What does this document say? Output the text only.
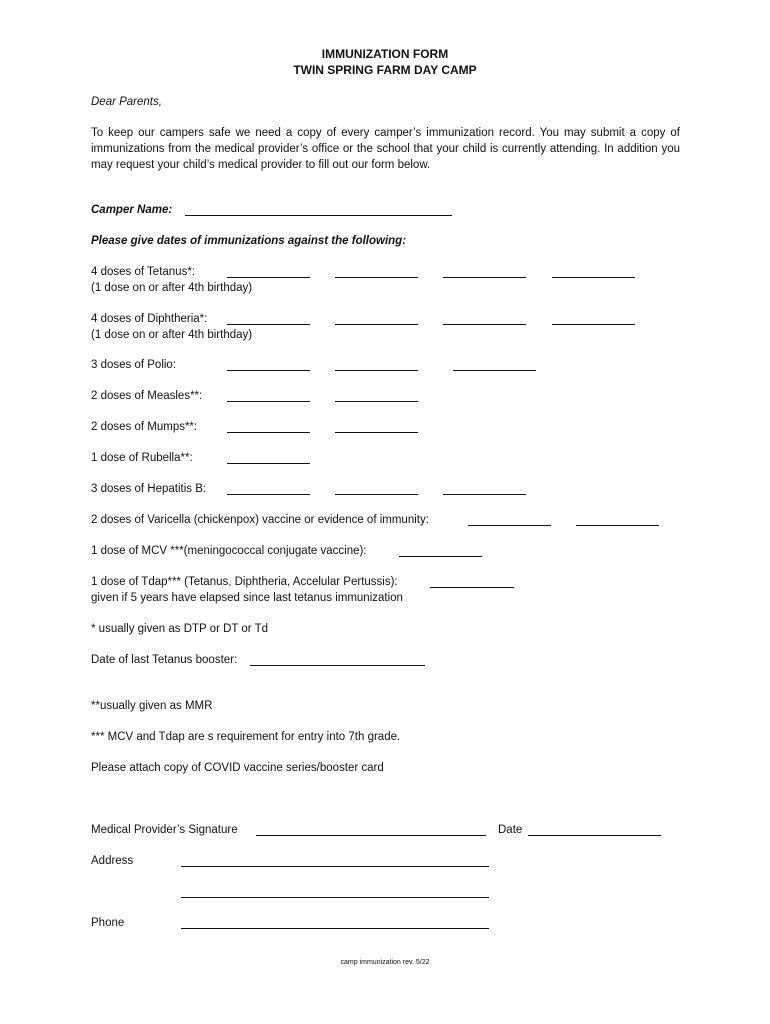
IMMUNIZATION FORM
TWIN SPRING FARM DAY CAMP
Dear Parents,
To keep our campers safe we need a copy of every camper’s immunization record. You may submit a copy of immunizations from the medical provider’s office or the school that your child is currently attending. In addition you may request your child’s medical provider to fill out our form below.
Camper Name:
Please give dates of immunizations against the following:
4 doses of Tetanus*:
(1 dose on or after 4th birthday)
4 doses of Diphtheria*:
(1 dose on or after 4th birthday)
3 doses of Polio:
2 doses of Measles**:
2 doses of Mumps**:
1 dose of Rubella**:
3 doses of Hepatitis B:
2 doses of Varicella (chickenpox) vaccine or evidence of immunity:
1 dose of MCV ***(meningococcal conjugate vaccine):
1 dose of Tdap*** (Tetanus, Diphtheria, Accelular Pertussis):
given if 5 years have elapsed since last tetanus immunization
* usually given as DTP or DT or Td
Date of last Tetanus booster:
**usually given as MMR
*** MCV and Tdap are s requirement for entry into 7th grade.
Please attach copy of COVID vaccine series/booster card
Medical Provider’s Signature	Date
Address
Phone
camp immunization rev. 5/22
